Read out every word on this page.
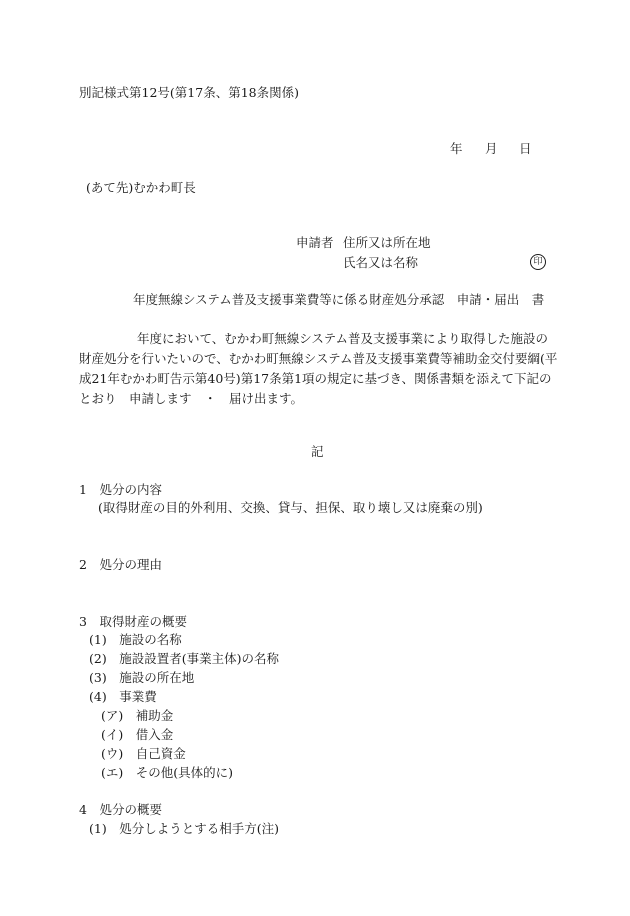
別記様式第12号(第17条、第18条関係)
年 月 日
(あて先)むかわ町長
申請者 住所又は所在地
氏名又は名称	印
年度無線システム普及支援事業費等に係る財産処分承認　申請・届出　書
年度において、むかわ町無線システム普及支援事業により取得した施設の財産処分を行いたいので、むかわ町無線システム普及支援事業費等補助金交付要綱(平成21年むかわ町告示第40号)第17条第1項の規定に基づき、関係書類を添えて下記のとおり　申請します　・　届け出ます。
記
1　処分の内容
(取得財産の目的外利用、交換、貸与、担保、取り壊し又は廃棄の別)
2　処分の理由
3　取得財産の概要
(1)　施設の名称
(2)　施設設置者(事業主体)の名称
(3)　施設の所在地
(4)　事業費
(ア)　補助金
(イ)　借入金
(ウ)　自己資金
(エ)　その他(具体的に)
4　処分の概要
(1)　処分しようとする相手方(注)
